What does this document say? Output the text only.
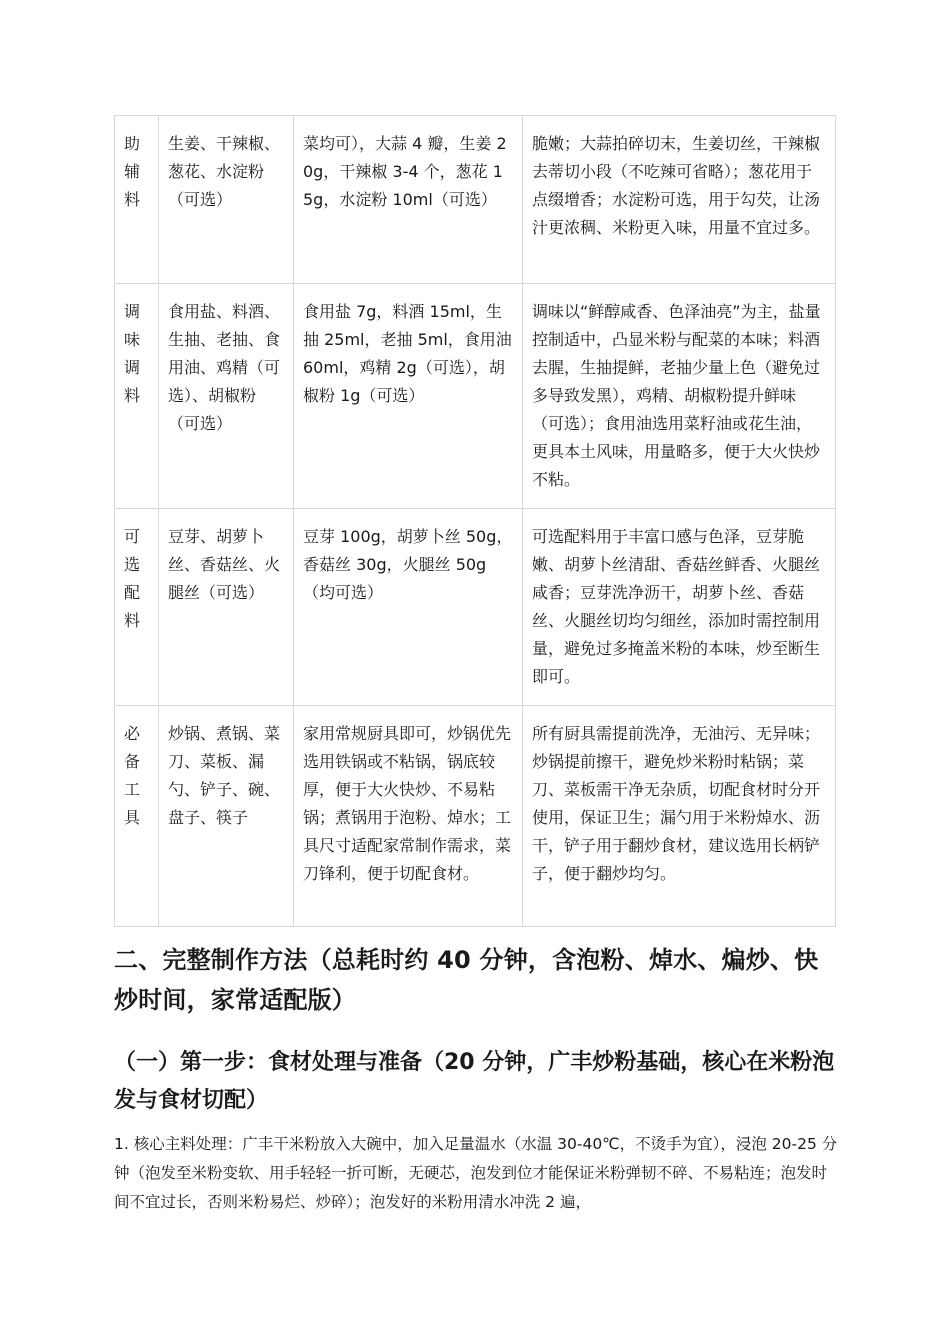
助辅料	生姜、干辣椒、葱花、水淀粉（可选）	菜均可），大蒜 4 瓣，生姜 20g，干辣椒 3-4 个，葱花 15g，水淀粉 10ml（可选）	脆嫩；大蒜拍碎切末，生姜切丝，干辣椒去蒂切小段（不吃辣可省略）；葱花用于点缀增香；水淀粉可选，用于勾芡，让汤汁更浓稠、米粉更入味，用量不宜过多。
调味调料	食用盐、料酒、生抽、老抽、食用油、鸡精（可选）、胡椒粉（可选）	食用盐 7g，料酒 15ml，生抽 25ml，老抽 5ml，食用油 60ml，鸡精 2g（可选），胡椒粉 1g（可选）	调味以“鲜醇咸香、色泽油亮”为主，盐量控制适中，凸显米粉与配菜的本味；料酒去腥，生抽提鲜，老抽少量上色（避免过多导致发黑），鸡精、胡椒粉提升鲜味（可选）；食用油选用菜籽油或花生油，更具本土风味，用量略多，便于大火快炒不粘。
可选配料	豆芽、胡萝卜丝、香菇丝、火腿丝（可选）	豆芽 100g，胡萝卜丝 50g，香菇丝 30g，火腿丝 50g（均可选）	可选配料用于丰富口感与色泽，豆芽脆嫩、胡萝卜丝清甜、香菇丝鲜香、火腿丝咸香；豆芽洗净沥干，胡萝卜丝、香菇丝、火腿丝切均匀细丝，添加时需控制用量，避免过多掩盖米粉的本味，炒至断生即可。
必备工具	炒锅、煮锅、菜刀、菜板、漏勺、铲子、碗、盘子、筷子	家用常规厨具即可，炒锅优先选用铁锅或不粘锅，锅底较厚，便于大火快炒、不易粘锅；煮锅用于泡粉、焯水；工具尺寸适配家常制作需求，菜刀锋利，便于切配食材。	所有厨具需提前洗净，无油污、无异味；炒锅提前擦干，避免炒米粉时粘锅；菜刀、菜板需干净无杂质，切配食材时分开使用，保证卫生；漏勺用于米粉焯水、沥干，铲子用于翻炒食材，建议选用长柄铲子，便于翻炒均匀。
二、完整制作方法（总耗时约 40 分钟，含泡粉、焯水、煸炒、快炒时间，家常适配版）
（一）第一步：食材处理与准备（20 分钟，广丰炒粉基础，核心在米粉泡发与食材切配）

1. 核心主料处理：广丰干米粉放入大碗中，加入足量温水（水温 30-40℃，不烫手为宜），浸泡 20-25 分钟（泡发至米粉变软、用手轻轻一折可断，无硬芯，泡发到位才能保证米粉弹韧不碎、不易粘连；泡发时间不宜过长，否则米粉易烂、炒碎）；泡发好的米粉用清水冲洗 2 遍，
